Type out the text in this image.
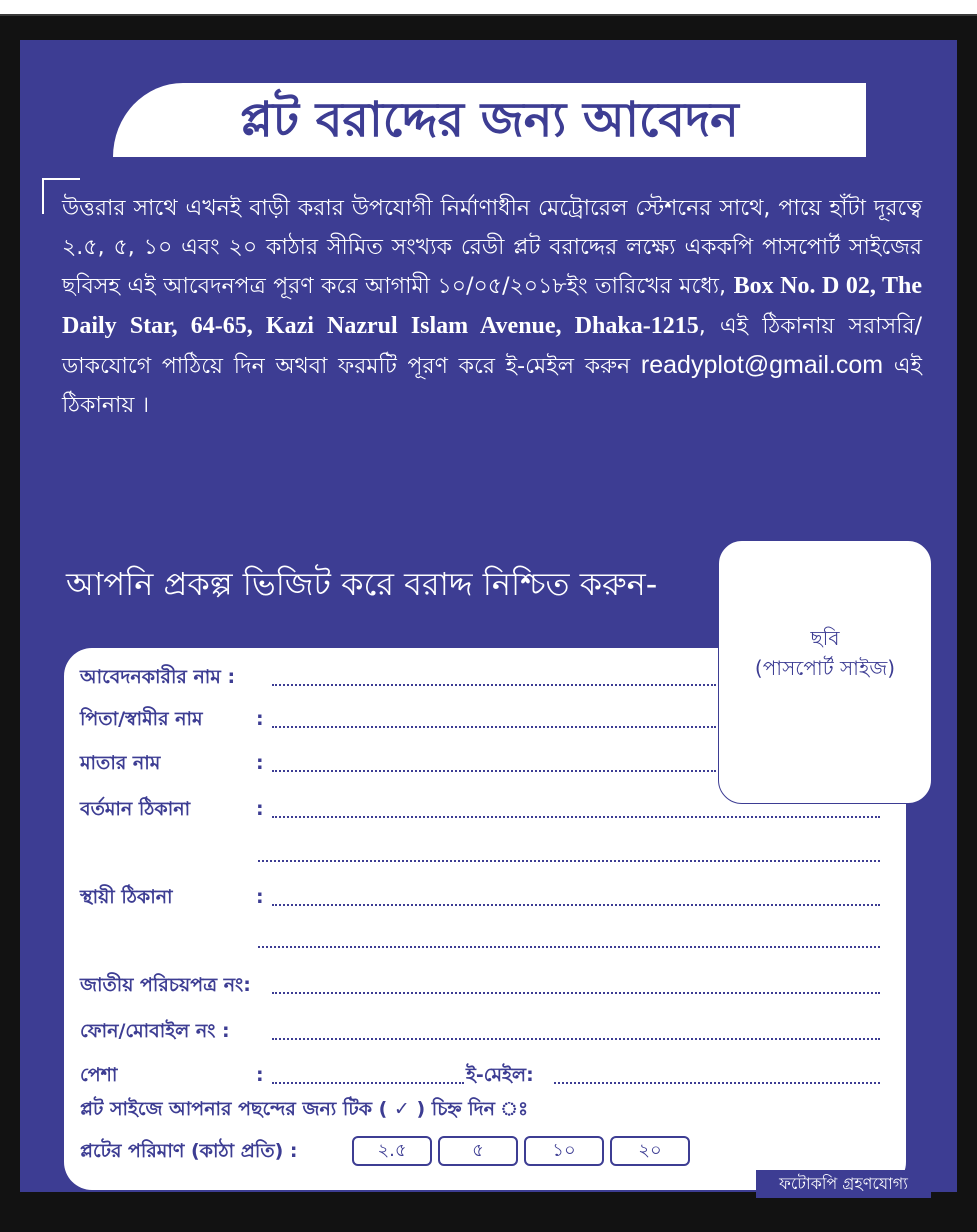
প্লট বরাদ্দের জন্য আবেদন
উত্তরার সাথে এখনই বাড়ী করার উপযোগী নির্মাণাধীন মেট্রোরেল স্টেশনের সাথে, পায়ে হাঁটা দূরত্বে ২.৫, ৫, ১০ এবং ২০ কাঠার সীমিত সংখ্যক রেডী প্লট বরাদ্দের লক্ষ্যে এককপি পাসপোর্ট সাইজের ছবিসহ এই আবেদনপত্র পূরণ করে আগামী ১০/০৫/২০১৮ইং তারিখের মধ্যে, Box No. D 02, The Daily Star, 64-65, Kazi Nazrul Islam Avenue, Dhaka-1215, এই ঠিকানায় সরাসরি/ডাকযোগে পাঠিয়ে দিন অথবা ফরমটি পূরণ করে ই-মেইল করুন readyplot@gmail.com এই ঠিকানায় ।
আপনি প্রকল্প ভিজিট করে বরাদ্দ নিশ্চিত করুন-
ছবি
(পাসপোর্ট সাইজ)
আবেদনকারীর নাম :
পিতা/স্বামীর নাম	:
মাতার নাম	:
বর্তমান ঠিকানা	:
স্থায়ী ঠিকানা	:
জাতীয় পরিচয়পত্র নং:
ফোন/মোবাইল নং :
পেশা	:	ই-মেইল:
প্লট সাইজে আপনার পছন্দের জন্য টিক ( ✓ ) চিহ্ন দিন ঃ
প্লটের পরিমাণ (কাঠা প্রতি) :	২.৫	৫	১০	২০
ফটোকপি গ্রহণযোগ্য
